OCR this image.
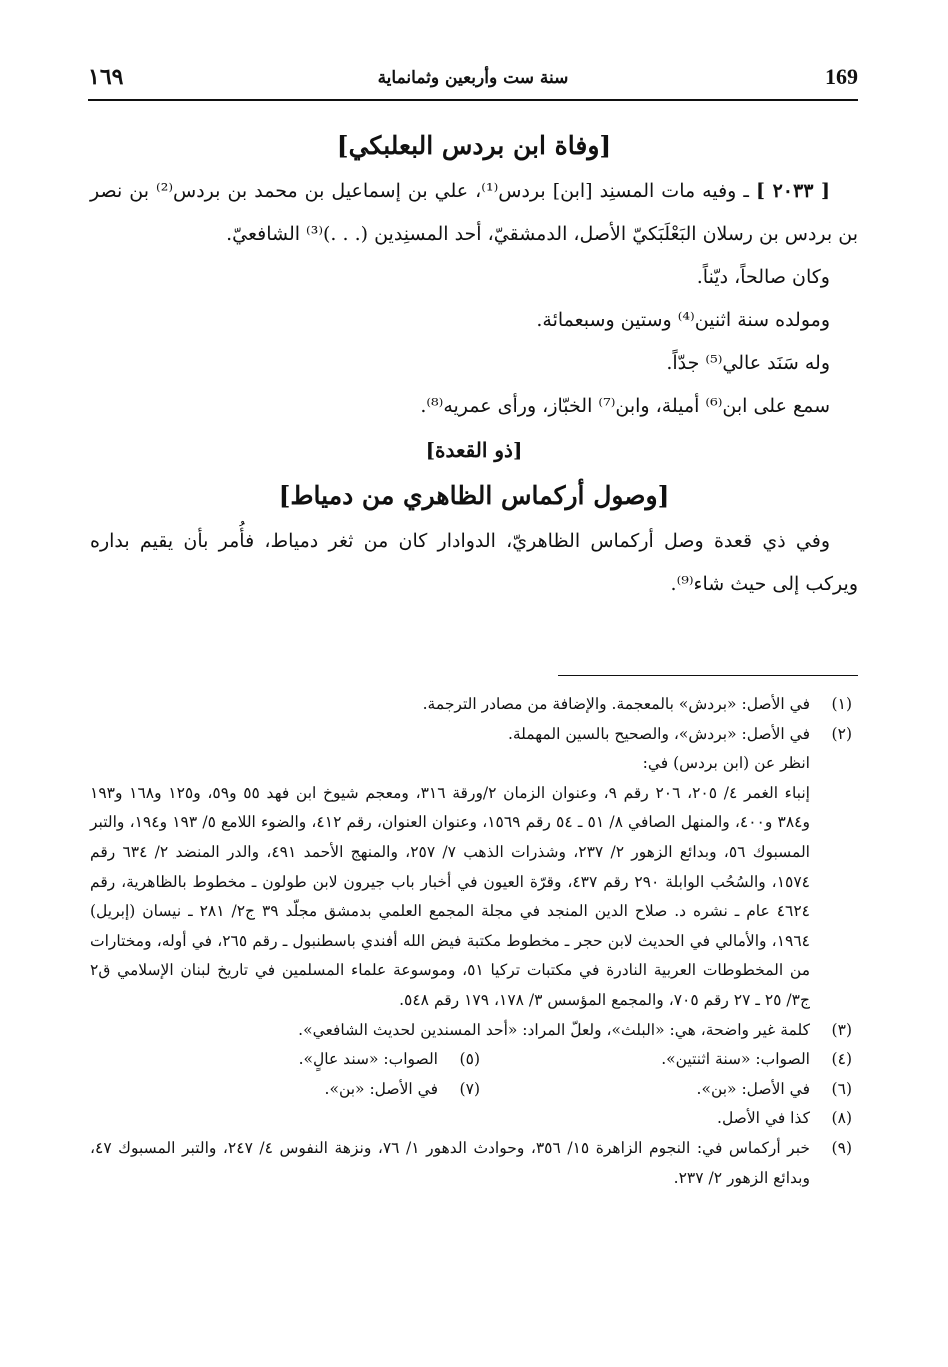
١٦٩	سنة ست وأربعين وثمانماية	169
[وفاة ابن بردس البعلبكي]

[ ٢٠٣٣ ] ـ وفيه مات المسنِد [ابن] بردس⁽¹⁾، علي بن إسماعيل بن محمد بن بردس⁽²⁾ بن نصر بن بردس بن رسلان البَعْلَبَكيّ الأصل، الدمشقيّ، أحد المسنِدين (. . .)⁽³⁾ الشافعيّ.

وكان صالحاً، ديّناً.

ومولده سنة اثنين⁽⁴⁾ وستين وسبعمائة.

وله سَنَد عالي⁽⁵⁾ جدّاً.

سمع على ابن⁽⁶⁾ أميلة، وابن⁽⁷⁾ الخبّاز، ورأى عمريه⁽⁸⁾.

[ذو القعدة]
[وصول أركماس الظاهري من دمياط]

وفي ذي قعدة وصل أركماس الظاهريّ، الدوادار كان من ثغر دمياط، فأُمر بأن يقيم بداره ويركب إلى حيث شاء⁽⁹⁾.

(١)
في الأصل: «بردش» بالمعجمة. والإضافة من مصادر الترجمة.
(٢)

في الأصل: «بردش»، والصحيح بالسين المهملة.

انظر عن (ابن بردس) في:

إنباء الغمر ٤/ ٢٠٥، ٢٠٦ رقم ٩، وعنوان الزمان ٢/ورقة ٣١٦، ومعجم شيوخ ابن فهد ٥٥ و٥٩، و١٢٥ و١٦٨ و١٩٣ و٣٨٤ و٤٠٠، والمنهل الصافي ٨/ ٥١ ـ ٥٤ رقم ١٥٦٩، وعنوان العنوان، رقم ٤١٢، والضوء اللامع ٥/ ١٩٣ و١٩٤، والتبر المسبوك ٥٦، وبدائع الزهور ٢/ ٢٣٧، وشذرات الذهب ٧/ ٢٥٧، والمنهج الأحمد ٤٩١، والدر المنضد ٢/ ٦٣٤ رقم ١٥٧٤، والسُحُب الوابلة ٢٩٠ رقم ٤٣٧، وقرّة العيون في أخبار باب جيرون لابن طولون ـ مخطوط بالظاهرية، رقم ٤٦٢٤ عام ـ نشره د. صلاح الدين المنجد في مجلة المجمع العلمي بدمشق مجلّد ٣٩ ج٢/ ٢٨١ ـ نيسان (إبريل) ١٩٦٤، والأمالي في الحديث لابن حجر ـ مخطوط مكتبة فيض الله أفندي باسطنبول ـ رقم ٢٦٥، في أوله، ومختارات من المخطوطات العربية النادرة في مكتبات تركيا ٥١، وموسوعة علماء المسلمين في تاريخ لبنان الإسلامي ق٢ ج٣/ ٢٥ ـ ٢٧ رقم ٧٠٥، والمجمع المؤسس ٣/ ١٧٨، ١٧٩ رقم ٥٤٨.

(٣)
كلمة غير واضحة، هي: «البلث»، ولعلّ المراد: «أحد المسندين لحديث الشافعي».
(٤)
الصواب: «سنة اثنتين».
(٥)
الصواب: «سند عالٍ».
(٦)
في الأصل: «بن».
(٧)
في الأصل: «بن».
(٨)
كذا في الأصل.
(٩)
خبر أركماس في: النجوم الزاهرة ١٥/ ٣٥٦، وحوادث الدهور ١/ ٧٦، ونزهة النفوس ٤/ ٢٤٧، والتبر المسبوك ٤٧، وبدائع الزهور ٢/ ٢٣٧.
